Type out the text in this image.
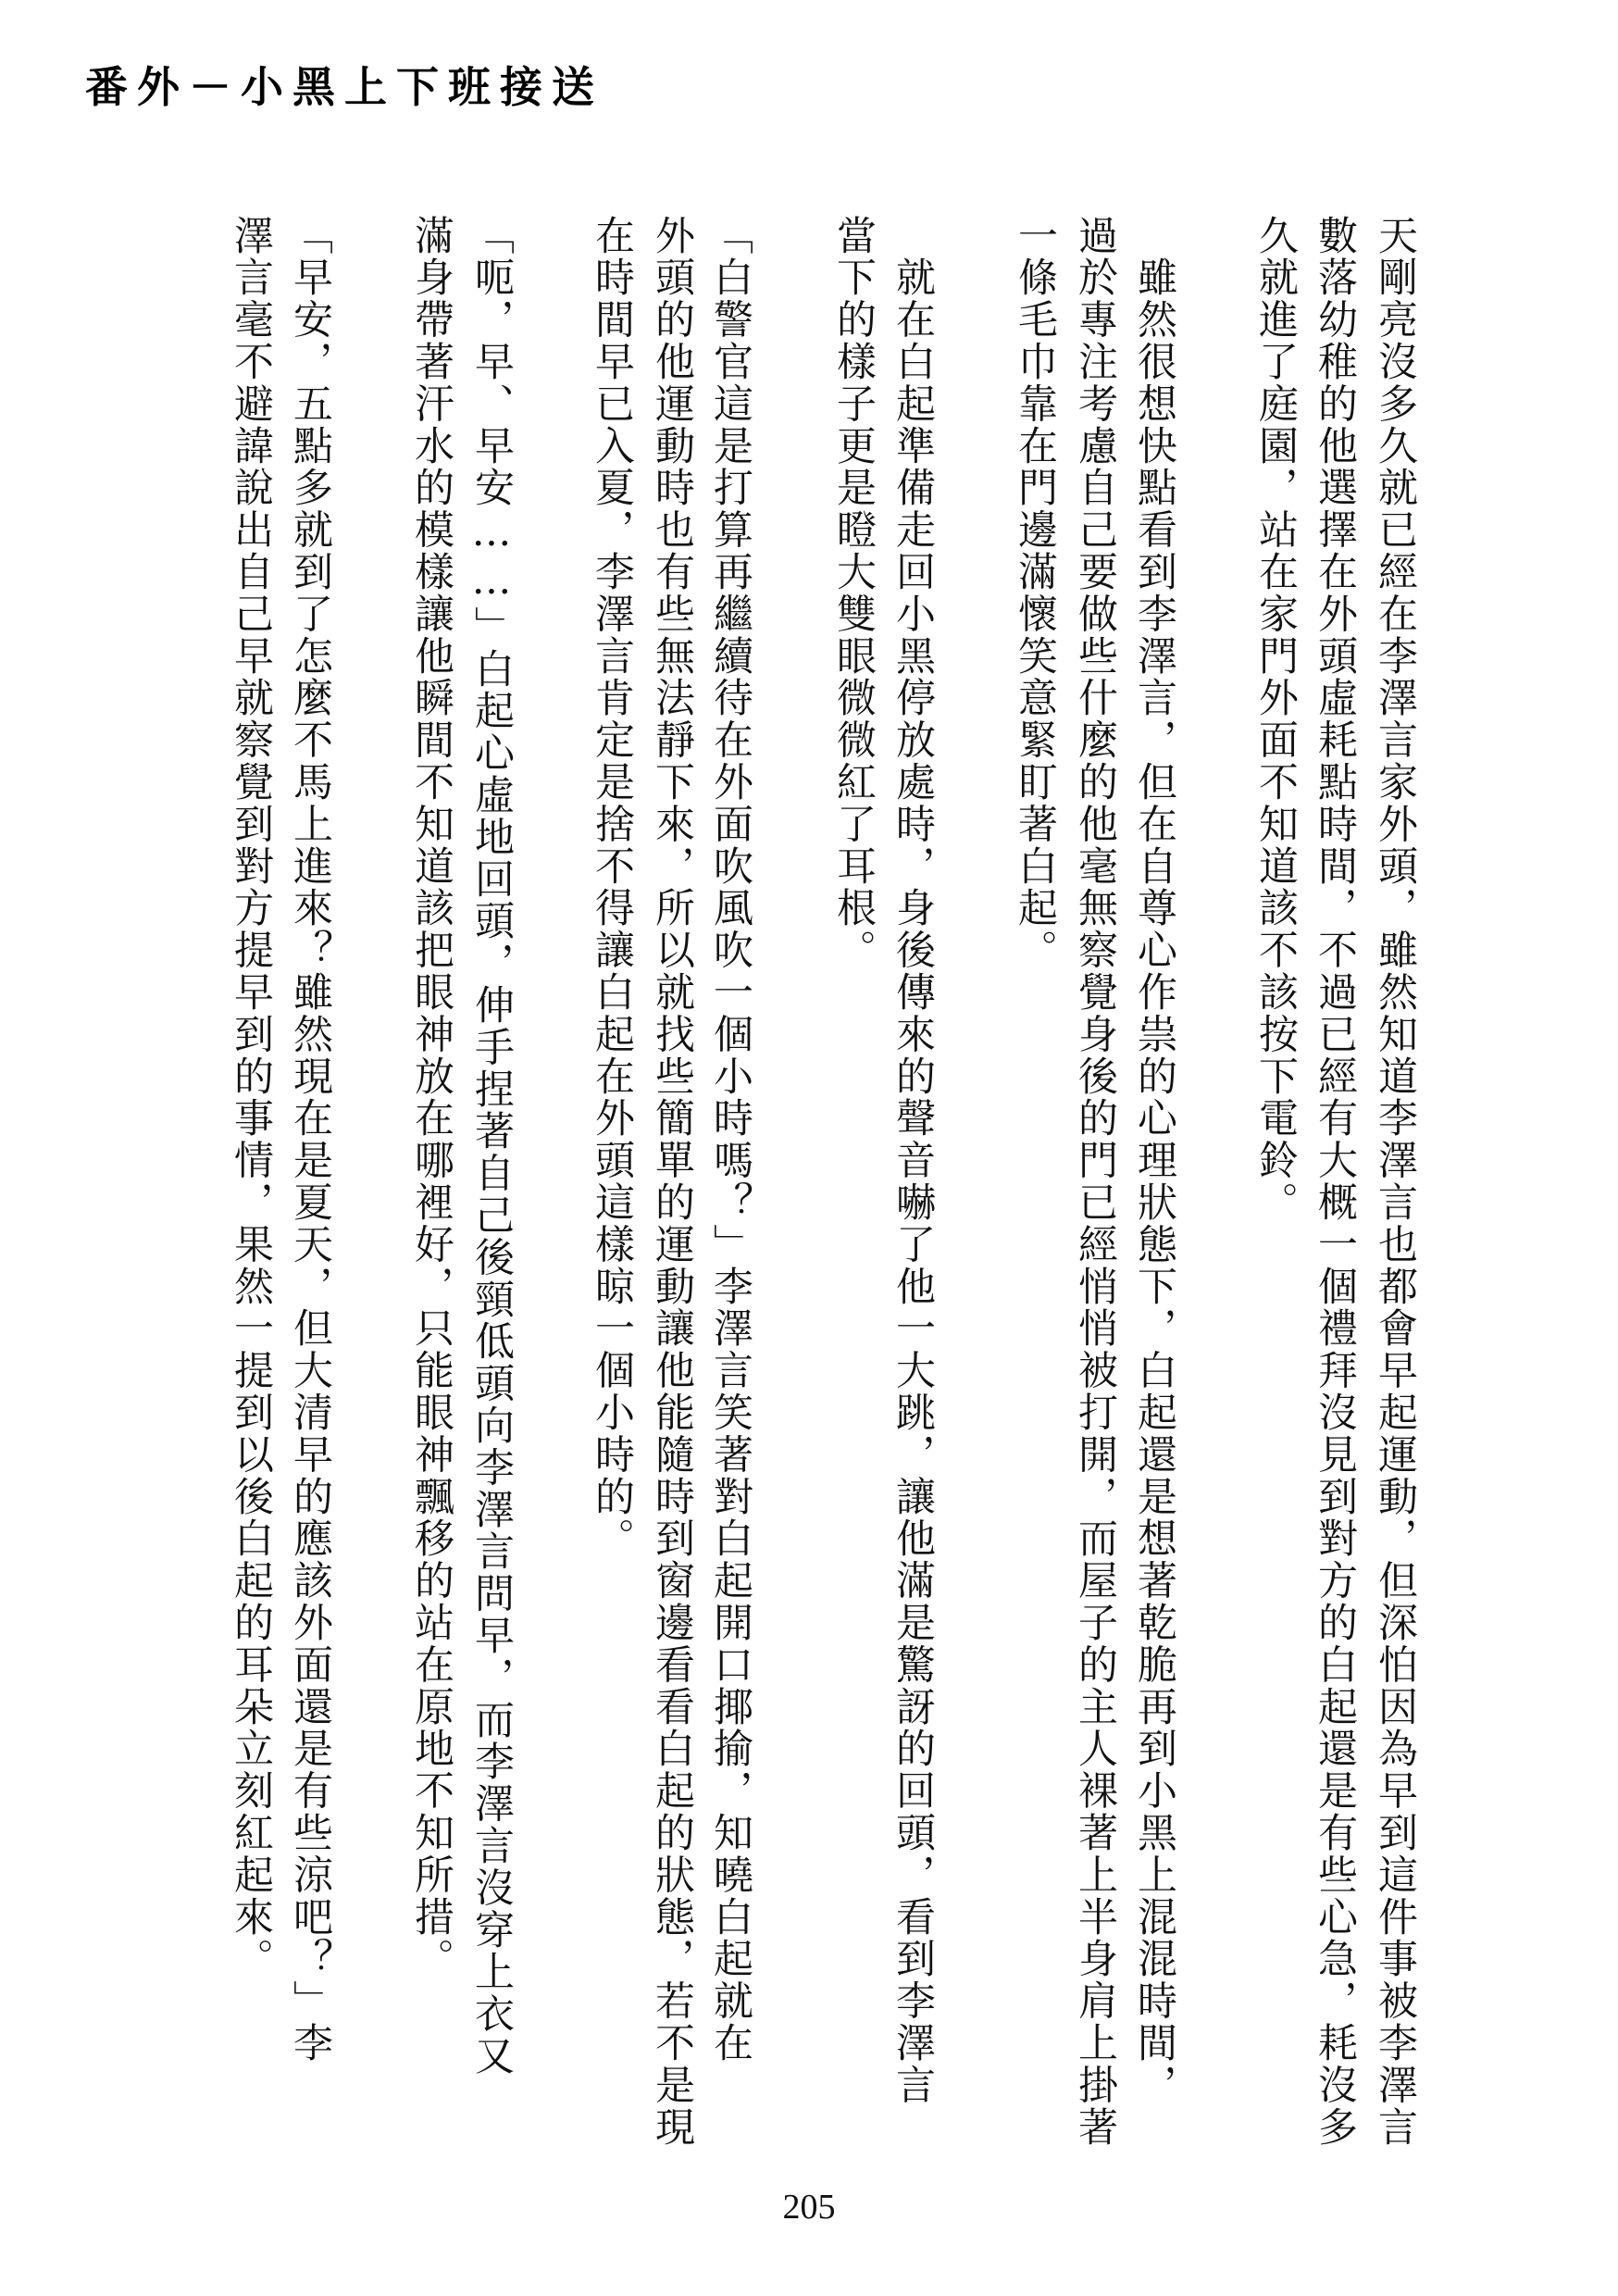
番外－小黑上下班接送
天剛亮沒多久就已經在李澤言家外頭，雖然知道李澤言也都會早起運動，但深怕因為早到這件事被李澤言
數落幼稚的他選擇在外頭虛耗點時間，不過已經有大概一個禮拜沒見到對方的白起還是有些心急，耗沒多
久就進了庭園，站在家門外面不知道該不該按下電鈴。
　雖然很想快點看到李澤言，但在自尊心作祟的心理狀態下，白起還是想著乾脆再到小黑上混混時間，
過於專注考慮自己要做些什麼的他毫無察覺身後的門已經悄悄被打開，而屋子的主人裸著上半身肩上掛著
一條毛巾靠在門邊滿懷笑意緊盯著白起。
　就在白起準備走回小黑停放處時，身後傳來的聲音嚇了他一大跳，讓他滿是驚訝的回頭，看到李澤言
當下的樣子更是瞪大雙眼微微紅了耳根。
「白警官這是打算再繼續待在外面吹風吹一個小時嗎？」李澤言笑著對白起開口揶揄，知曉白起就在
外頭的他運動時也有些無法靜下來，所以就找些簡單的運動讓他能隨時到窗邊看看白起的狀態，若不是現
在時間早已入夏，李澤言肯定是捨不得讓白起在外頭這樣晾一個小時的。
「呃，早、早安……」白起心虛地回頭，伸手捏著自己後頸低頭向李澤言問早，而李澤言沒穿上衣又
滿身帶著汗水的模樣讓他瞬間不知道該把眼神放在哪裡好，只能眼神飄移的站在原地不知所措。
「早安，五點多就到了怎麼不馬上進來？雖然現在是夏天，但大清早的應該外面還是有些涼吧？」李
澤言毫不避諱說出自己早就察覺到對方提早到的事情，果然一提到以後白起的耳朵立刻紅起來。
205
